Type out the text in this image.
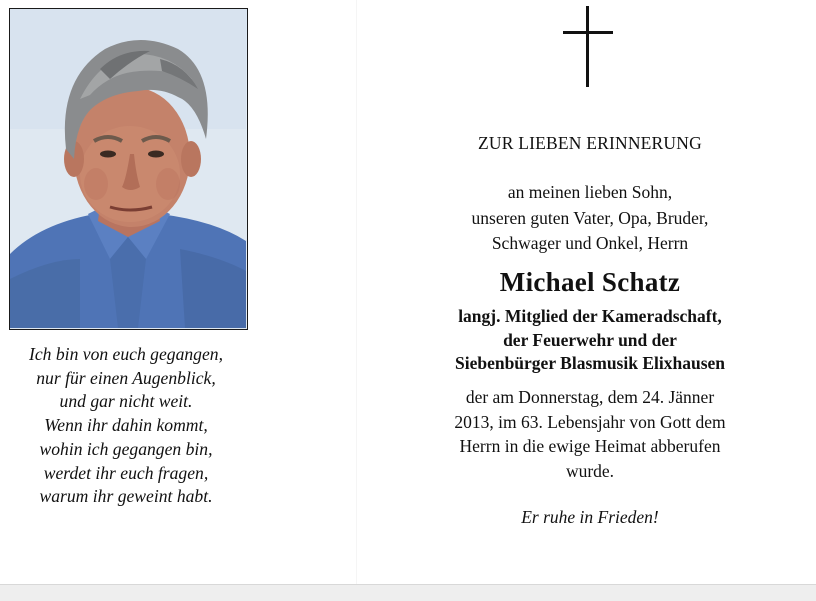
Ich bin von euch gegangen,
nur für einen Augenblick,
und gar nicht weit.
Wenn ihr dahin kommt,
wohin ich gegangen bin,
werdet ihr euch fragen,
warum ihr geweint habt.
ZUR LIEBEN ERINNERUNG
an meinen lieben Sohn,
unseren guten Vater, Opa, Bruder,
Schwager und Onkel, Herrn
Michael Schatz
langj. Mitglied der Kameradschaft,
der Feuerwehr und der
Siebenbürger Blasmusik Elixhausen
der am Donnerstag, dem 24. Jänner
2013, im 63. Lebensjahr von Gott dem
Herrn in die ewige Heimat abberufen
wurde.
Er ruhe in Frieden!
